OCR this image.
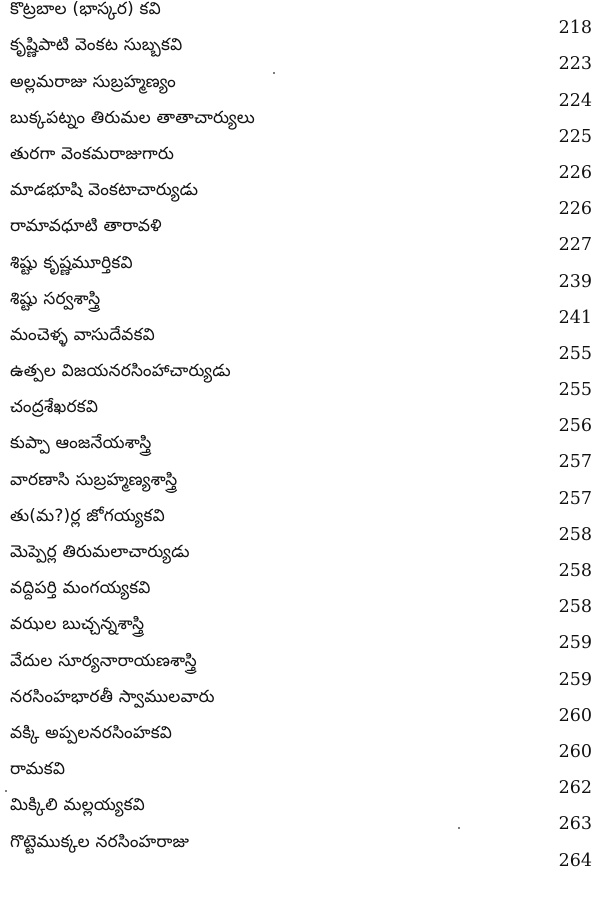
కొట్రబాల (భాస్కర) కవి
218
కృష్ణిపాటి వెంకట సుబ్బకవి
223
అల్లమరాజు సుబ్రహ్మణ్యం
224
బుక్కపట్నం తిరుమల తాతాచార్యులు
225
తురగా వెంకమరాజుగారు
226
మాడభూషి వెంకటాచార్యుడు
226
రామావధూటి తారావళి
227
శిష్టు కృష్ణమూర్తికవి
239
శిష్టు సర్వశాస్త్రి
241
మంచెళ్ళ వాసుదేవకవి
255
ఉత్పల విజయనరసింహాచార్యుడు
255
చంద్రశేఖరకవి
256
కుప్పా ఆంజనేయశాస్త్రి
257
వారణాసి సుబ్రహ్మణ్యశాస్త్రి
257
తు(మ?)ర్ల జోగయ్యకవి
258
మెప్పెర్ల తిరుమలాచార్యుడు
258
వద్దిపర్తి మంగయ్యకవి
258
వఝల బుచ్చన్నశాస్త్రి
259
వేదుల సూర్యనారాయణశాస్త్రి
259
నరసింహభారతీ స్వాములవారు
260
వక్కి అప్పలనరసింహకవి
260
రామకవి
262
మిక్కిలి మల్లయ్యకవి
263
గొట్టెముక్కల నరసింహరాజు
264
